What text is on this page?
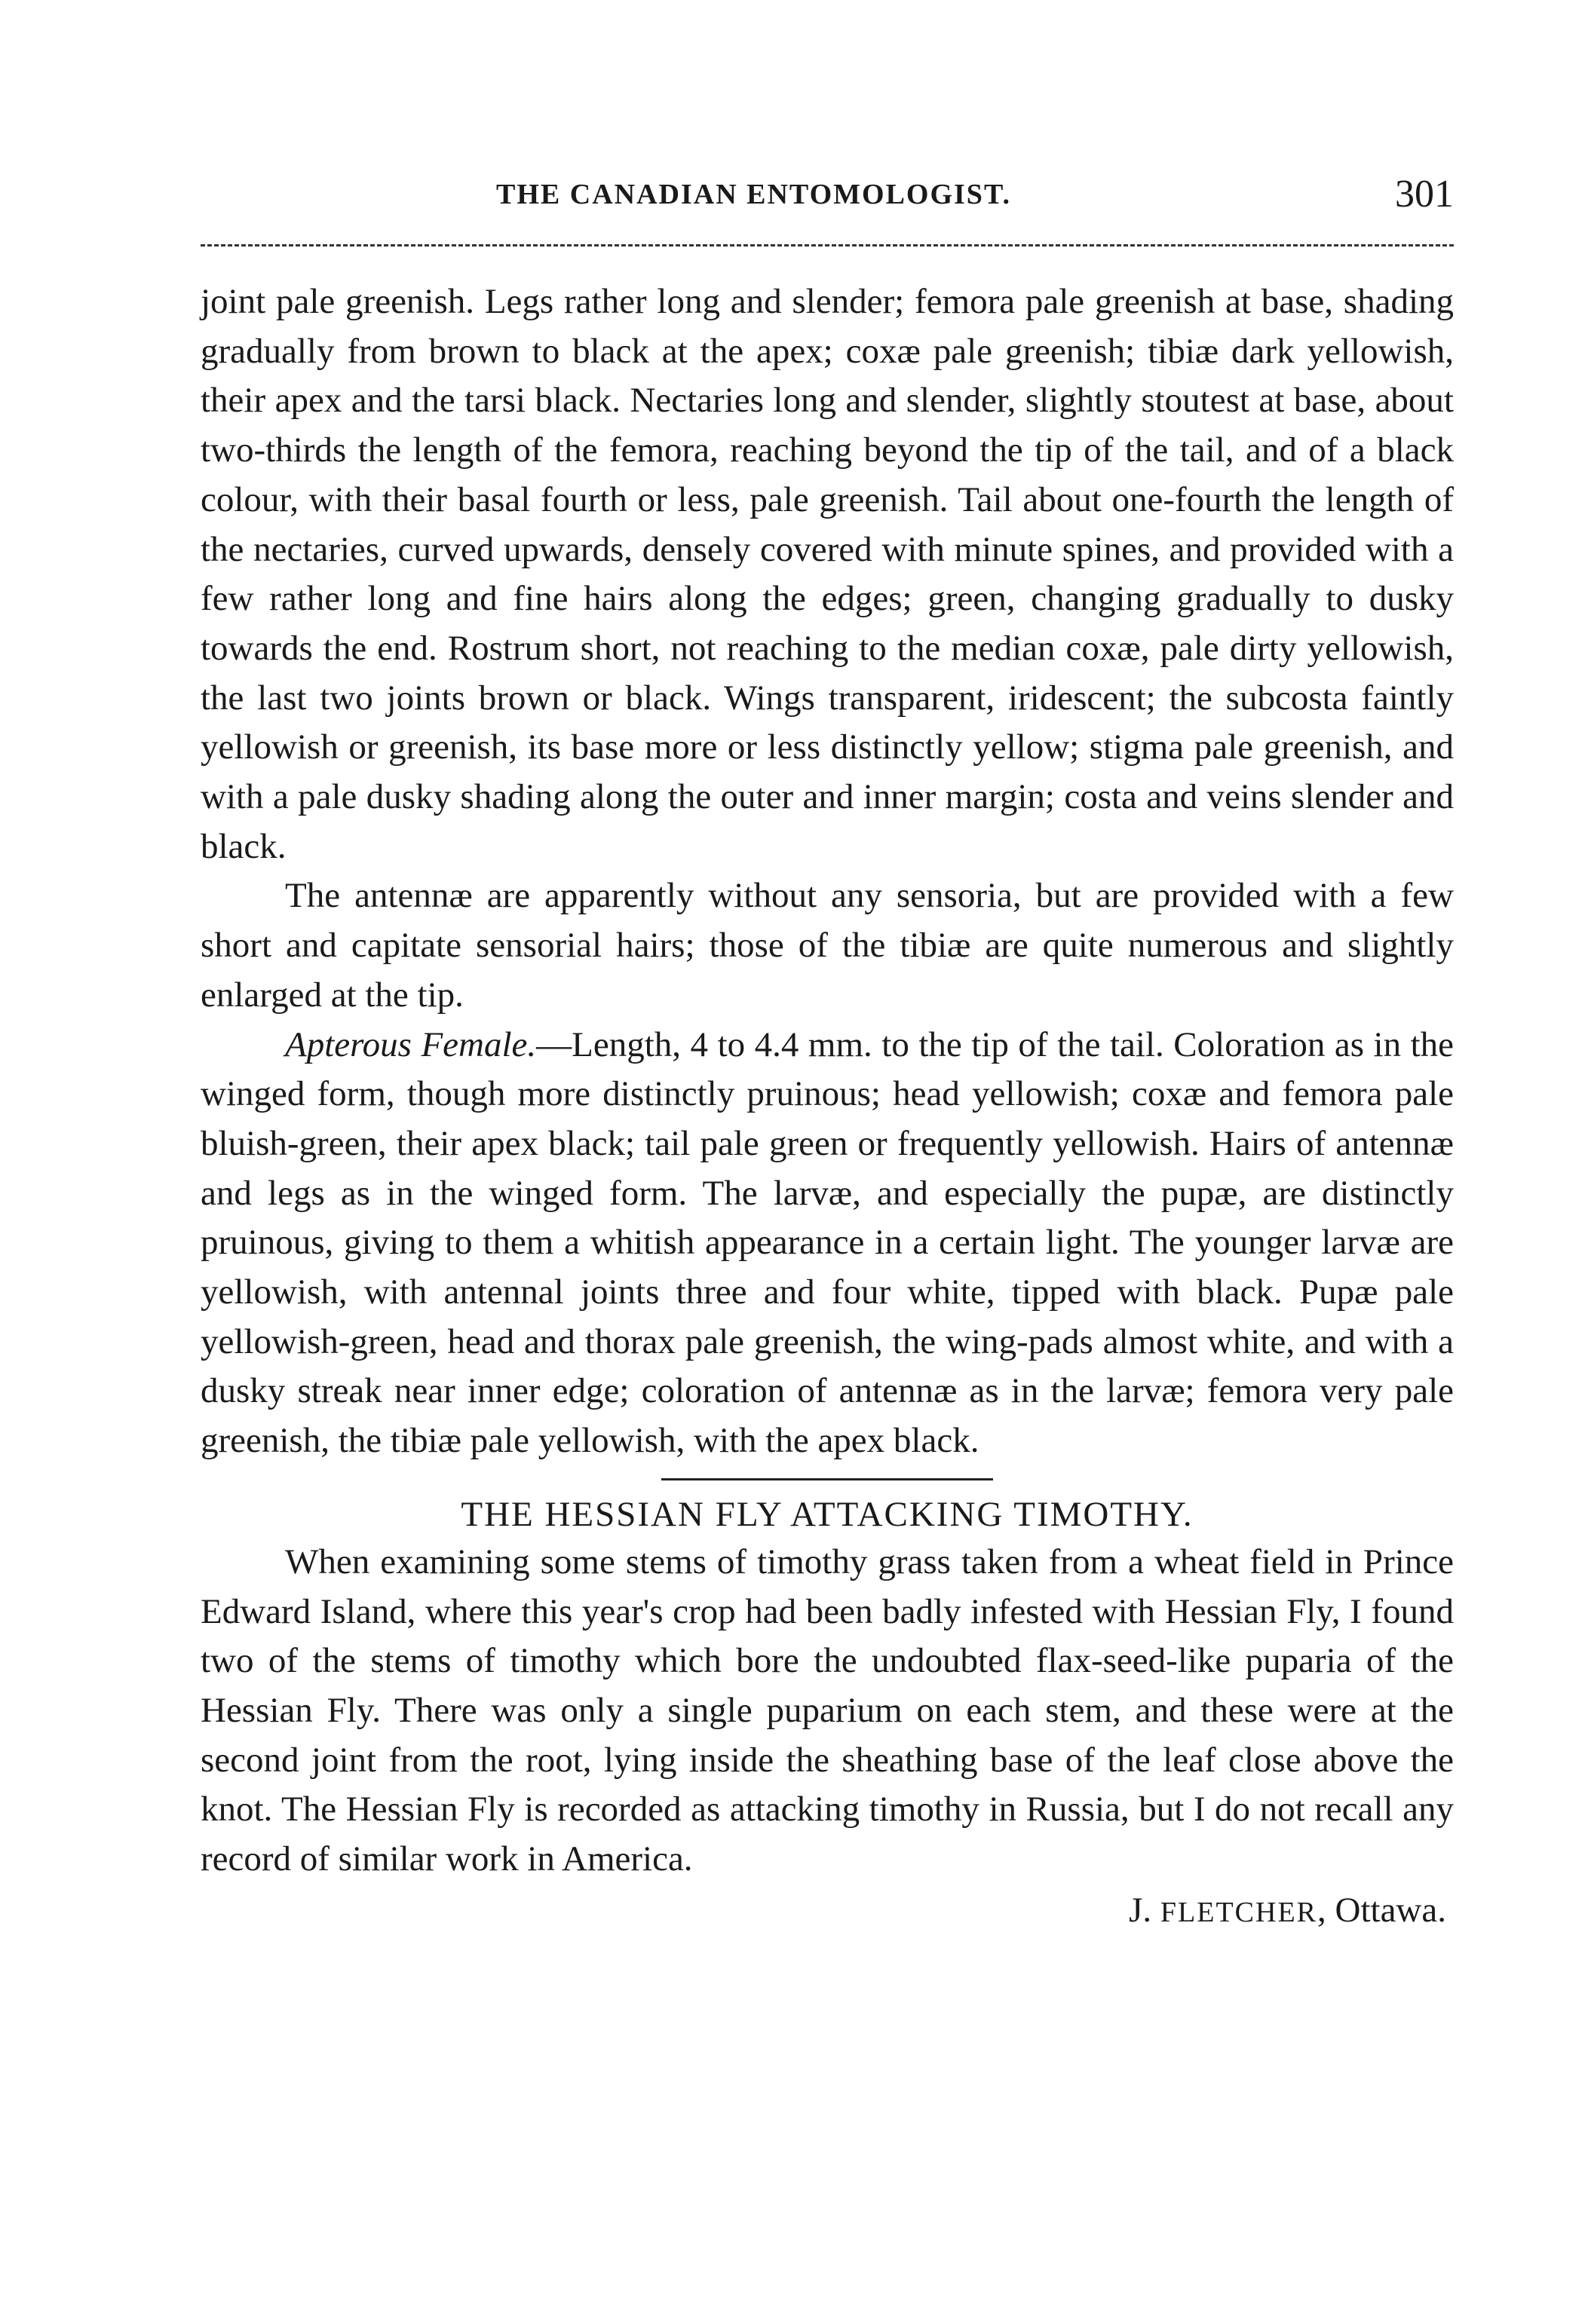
THE CANADIAN ENTOMOLOGIST.	301

joint pale greenish. Legs rather long and slender; femora pale greenish at base, shading gradually from brown to black at the apex; coxæ pale greenish; tibiæ dark yellowish, their apex and the tarsi black. Nectaries long and slender, slightly stoutest at base, about two-thirds the length of the femora, reaching beyond the tip of the tail, and of a black colour, with their basal fourth or less, pale greenish. Tail about one-fourth the length of the nectaries, curved upwards, densely covered with minute spines, and provided with a few rather long and fine hairs along the edges; green, changing gradually to dusky towards the end. Rostrum short, not reaching to the median coxæ, pale dirty yellowish, the last two joints brown or black. Wings transparent, iridescent; the subcosta faintly yellowish or greenish, its base more or less distinctly yellow; stigma pale greenish, and with a pale dusky shading along the outer and inner margin; costa and veins slender and black.

The antennæ are apparently without any sensoria, but are provided with a few short and capitate sensorial hairs; those of the tibiæ are quite numerous and slightly enlarged at the tip.

Apterous Female.—Length, 4 to 4.4 mm. to the tip of the tail. Coloration as in the winged form, though more distinctly pruinous; head yellowish; coxæ and femora pale bluish-green, their apex black; tail pale green or frequently yellowish. Hairs of antennæ and legs as in the winged form. The larvæ, and especially the pupæ, are distinctly pruinous, giving to them a whitish appearance in a certain light. The younger larvæ are yellowish, with antennal joints three and four white, tipped with black. Pupæ pale yellowish-green, head and thorax pale greenish, the wing-pads almost white, and with a dusky streak near inner edge; coloration of antennæ as in the larvæ; femora very pale greenish, the tibiæ pale yellowish, with the apex black.

THE HESSIAN FLY ATTACKING TIMOTHY.

When examining some stems of timothy grass taken from a wheat field in Prince Edward Island, where this year's crop had been badly infested with Hessian Fly, I found two of the stems of timothy which bore the undoubted flax-seed-like puparia of the Hessian Fly. There was only a single puparium on each stem, and these were at the second joint from the root, lying inside the sheathing base of the leaf close above the knot. The Hessian Fly is recorded as attacking timothy in Russia, but I do not recall any record of similar work in America.

J. FLETCHER, Ottawa.
